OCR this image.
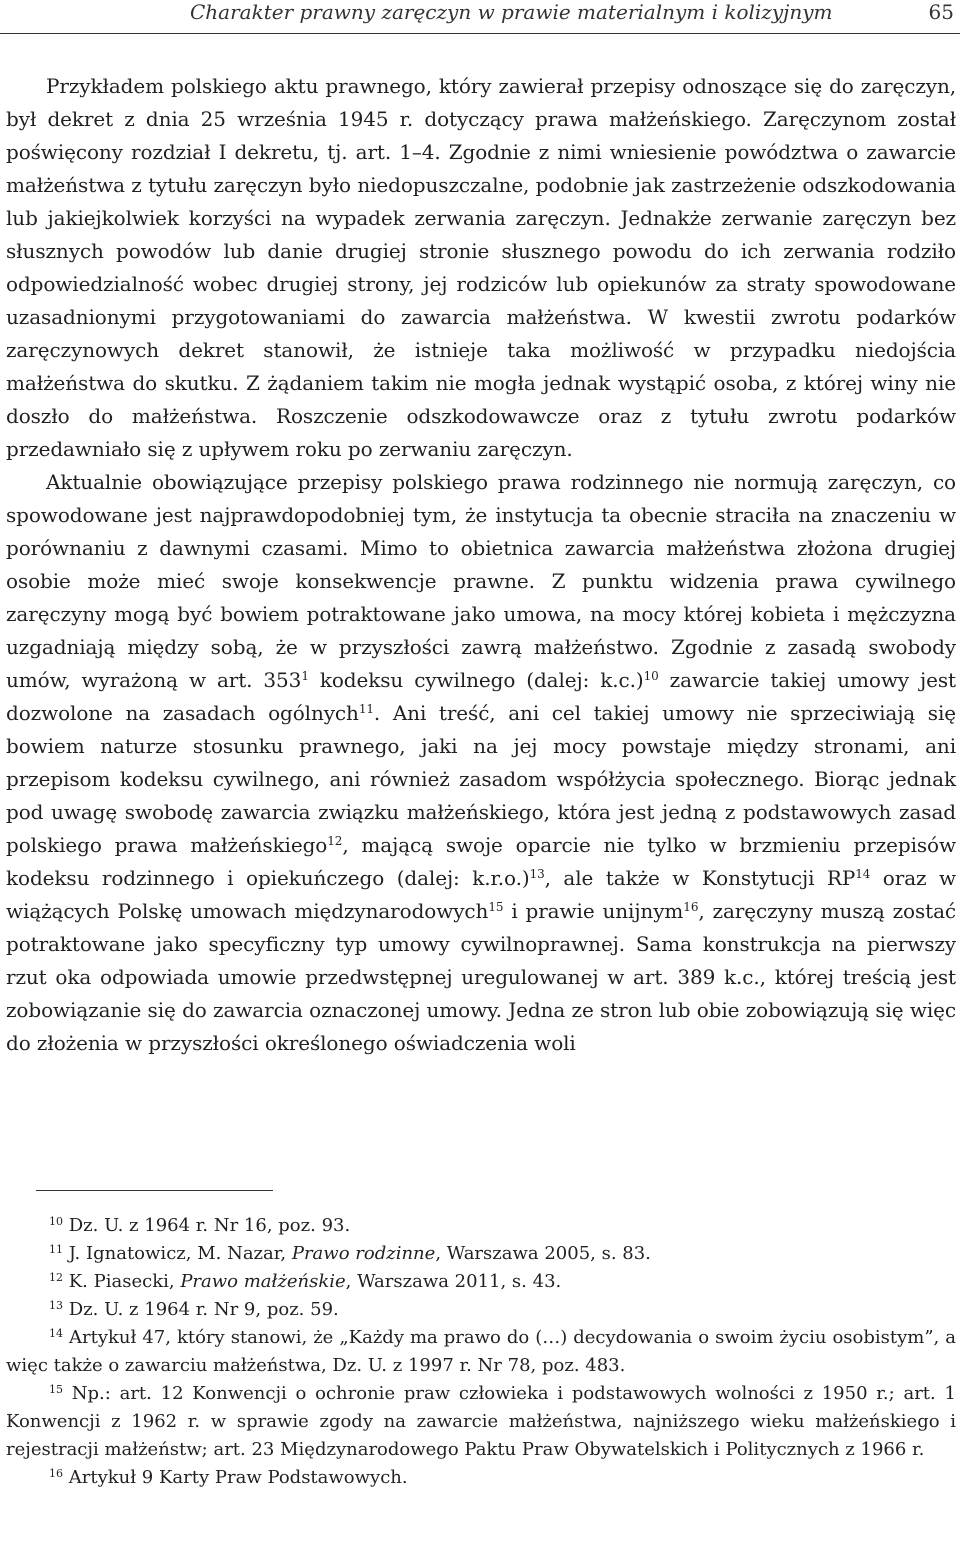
Charakter prawny zaręczyn w prawie materialnym i kolizyjnym	65

Przykładem polskiego aktu prawnego, który zawierał przepisy odnoszące się do zaręczyn, był dekret z dnia 25 września 1945 r. dotyczący prawa małżeńskiego. Zaręczynom został poświęcony rozdział I dekretu, tj. art. 1–4. Zgodnie z nimi wniesienie powództwa o zawarcie małżeństwa z tytułu zaręczyn było niedopuszczalne, podobnie jak zastrzeżenie odszkodowania lub jakiejkolwiek korzyści na wypadek zerwania zaręczyn. Jednakże zerwanie zaręczyn bez słusznych powodów lub danie drugiej stronie słusznego powodu do ich zerwania rodziło odpowiedzialność wobec drugiej strony, jej rodziców lub opiekunów za straty spowodowane uzasadnionymi przygotowaniami do zawarcia małżeństwa. W kwestii zwrotu podarków zaręczynowych dekret stanowił, że istnieje taka możliwość w przypadku niedojścia małżeństwa do skutku. Z żądaniem takim nie mogła jednak wystąpić osoba, z której winy nie doszło do małżeństwa. Roszczenie odszkodowawcze oraz z tytułu zwrotu podarków przedawniało się z upływem roku po zerwaniu zaręczyn.

Aktualnie obowiązujące przepisy polskiego prawa rodzinnego nie normują zaręczyn, co spowodowane jest najprawdopodobniej tym, że instytucja ta obecnie straciła na znaczeniu w porównaniu z dawnymi czasami. Mimo to obietnica zawarcia małżeństwa złożona drugiej osobie może mieć swoje konsekwencje prawne. Z punktu widzenia prawa cywilnego zaręczyny mogą być bowiem potraktowane jako umowa, na mocy której kobieta i mężczyzna uzgadniają między sobą, że w przyszłości zawrą małżeństwo. Zgodnie z zasadą swobody umów, wyrażoną w art. $353^1$ kodeksu cywilnego (dalej: k.c.)$^{10}$ zawarcie takiej umowy jest dozwolone na zasadach ogólnych$^{11}$. Ani treść, ani cel takiej umowy nie sprzeciwiają się bowiem naturze stosunku prawnego, jaki na jej mocy powstaje między stronami, ani przepisom kodeksu cywilnego, ani również zasadom współżycia społecznego. Biorąc jednak pod uwagę swobodę zawarcia związku małżeńskiego, która jest jedną z podstawowych zasad polskiego prawa małżeńskiego$^{12}$, mającą swoje oparcie nie tylko w brzmieniu przepisów kodeksu rodzinnego i opiekuńczego (dalej: k.r.o.)$^{13}$, ale także w Konstytucji RP$^{14}$ oraz w wiążących Polskę umowach międzynarodowych$^{15}$ i prawie unijnym$^{16}$, zaręczyny muszą zostać potraktowane jako specyficzny typ umowy cywilnoprawnej. Sama konstrukcja na pierwszy rzut oka odpowiada umowie przedwstępnej uregulowanej w art. 389 k.c., której treścią jest zobowiązanie się do zawarcia oznaczonej umowy. Jedna ze stron lub obie zobowiązują się więc do złożenia w przyszłości określonego oświadczenia woli

$^{10}$ Dz. U. z 1964 r. Nr 16, poz. 93.

$^{11}$ J. Ignatowicz, M. Nazar, Prawo rodzinne, Warszawa 2005, s. 83.

$^{12}$ K. Piasecki, Prawo małżeńskie, Warszawa 2011, s. 43.

$^{13}$ Dz. U. z 1964 r. Nr 9, poz. 59.

$^{14}$ Artykuł 47, który stanowi, że „Każdy ma prawo do (…) decydowania o swoim życiu osobistym”, a więc także o zawarciu małżeństwa, Dz. U. z 1997 r. Nr 78, poz. 483.

$^{15}$ Np.: art. 12 Konwencji o ochronie praw człowieka i podstawowych wolności z 1950 r.; art. 1 Konwencji z 1962 r. w sprawie zgody na zawarcie małżeństwa, najniższego wieku małżeńskiego i rejestracji małżeństw; art. 23 Międzynarodowego Paktu Praw Obywatelskich i Politycznych z 1966 r.

$^{16}$ Artykuł 9 Karty Praw Podstawowych.
